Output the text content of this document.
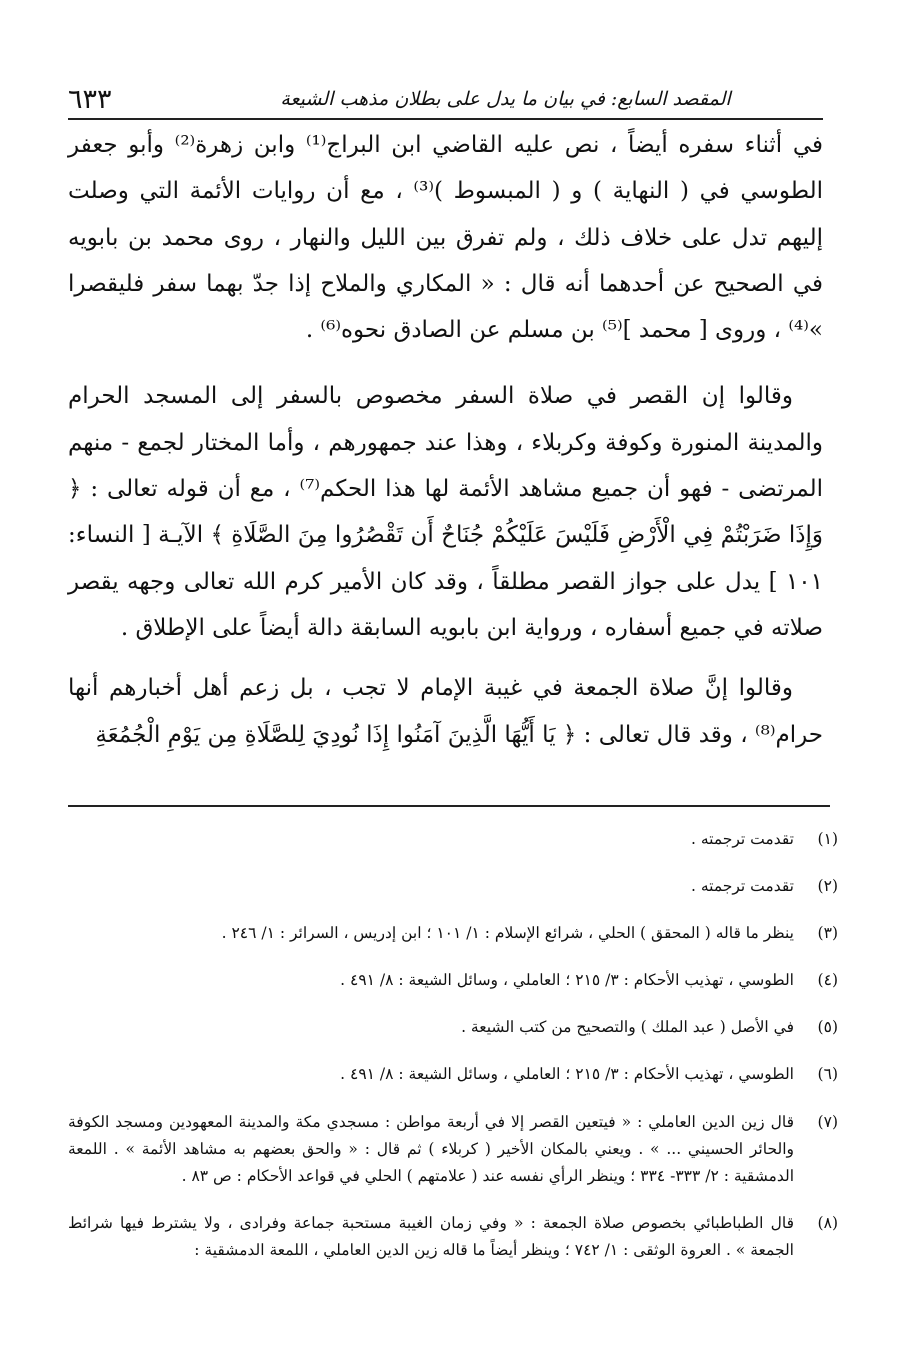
٦٣٣	المقصد السابع: في بيان ما يدل على بطلان مذهب الشيعة

في أثناء سفره أيضاً ، نص عليه القاضي ابن البراج⁽¹⁾ وابن زهرة⁽²⁾ وأبو جعفر الطوسي في ( النهاية ) و ( المبسوط )⁽³⁾ ، مع أن روايات الأئمة التي وصلت إليهم تدل على خلاف ذلك ، ولم تفرق بين الليل والنهار ، روى محمد بن بابويه في الصحيح عن أحدهما أنه قال : « المكاري والملاح إذا جدّ بهما سفر فليقصرا »⁽⁴⁾ ، وروى [ محمد ]⁽⁵⁾ بن مسلم عن الصادق نحوه⁽⁶⁾ .

وقالوا إن القصر في صلاة السفر مخصوص بالسفر إلى المسجد الحرام والمدينة المنورة وكوفة وكربلاء ، وهذا عند جمهورهم ، وأما المختار لجمع - منهم المرتضى - فهو أن جميع مشاهد الأئمة لها هذا الحكم⁽⁷⁾ ، مع أن قوله تعالى : ﴿ وَإِذَا ضَرَبْتُمْ فِي الْأَرْضِ فَلَيْسَ عَلَيْكُمْ جُنَاحٌ أَن تَقْصُرُوا مِنَ الصَّلَاةِ ﴾ الآيـة [ النساء: ١٠١ ] يدل على جواز القصر مطلقاً ، وقد كان الأمير كرم الله تعالى وجهه يقصر صلاته في جميع أسفاره ، ورواية ابن بابويه السابقة دالة أيضاً على الإطلاق .

وقالوا إنَّ صلاة الجمعة في غيبة الإمام لا تجب ، بل زعم أهل أخبارهم أنها حرام⁽⁸⁾ ، وقد قال تعالى : ﴿ يَا أَيُّهَا الَّذِينَ آمَنُوا إِذَا نُودِيَ لِلصَّلَاةِ مِن يَوْمِ الْجُمُعَةِ

(١)
تقدمت ترجمته .
(٢)
تقدمت ترجمته .
(٣)
ينظر ما قاله ( المحقق ) الحلي ، شرائع الإسلام : ١/ ١٠١ ؛ ابن إدريس ، السرائر : ١/ ٢٤٦ .
(٤)
الطوسي ، تهذيب الأحكام : ٣/ ٢١٥ ؛ العاملي ، وسائل الشيعة : ٨/ ٤٩١ .
(٥)
في الأصل ( عبد الملك ) والتصحيح من كتب الشيعة .
(٦)
الطوسي ، تهذيب الأحكام : ٣/ ٢١٥ ؛ العاملي ، وسائل الشيعة : ٨/ ٤٩١ .
(٧)
قال زين الدين العاملي : « فيتعين القصر إلا في أربعة مواطن : مسجدي مكة والمدينة المعهودين ومسجد الكوفة والحائر الحسيني ... » . ويعني بالمكان الأخير ( كربلاء ) ثم قال : « والحق بعضهم به مشاهد الأئمة » . اللمعة الدمشقية : ٢/ ٣٣٣- ٣٣٤ ؛ وينظر الرأي نفسه عند ( علامتهم ) الحلي في قواعد الأحكام : ص ٨٣ .
(٨)
قال الطباطبائي بخصوص صلاة الجمعة : « وفي زمان الغيبة مستحبة جماعة وفرادى ، ولا يشترط فيها شرائط الجمعة » . العروة الوثقى : ١/ ٧٤٢ ؛ وينظر أيضاً ما قاله زين الدين العاملي ، اللمعة الدمشقية :
